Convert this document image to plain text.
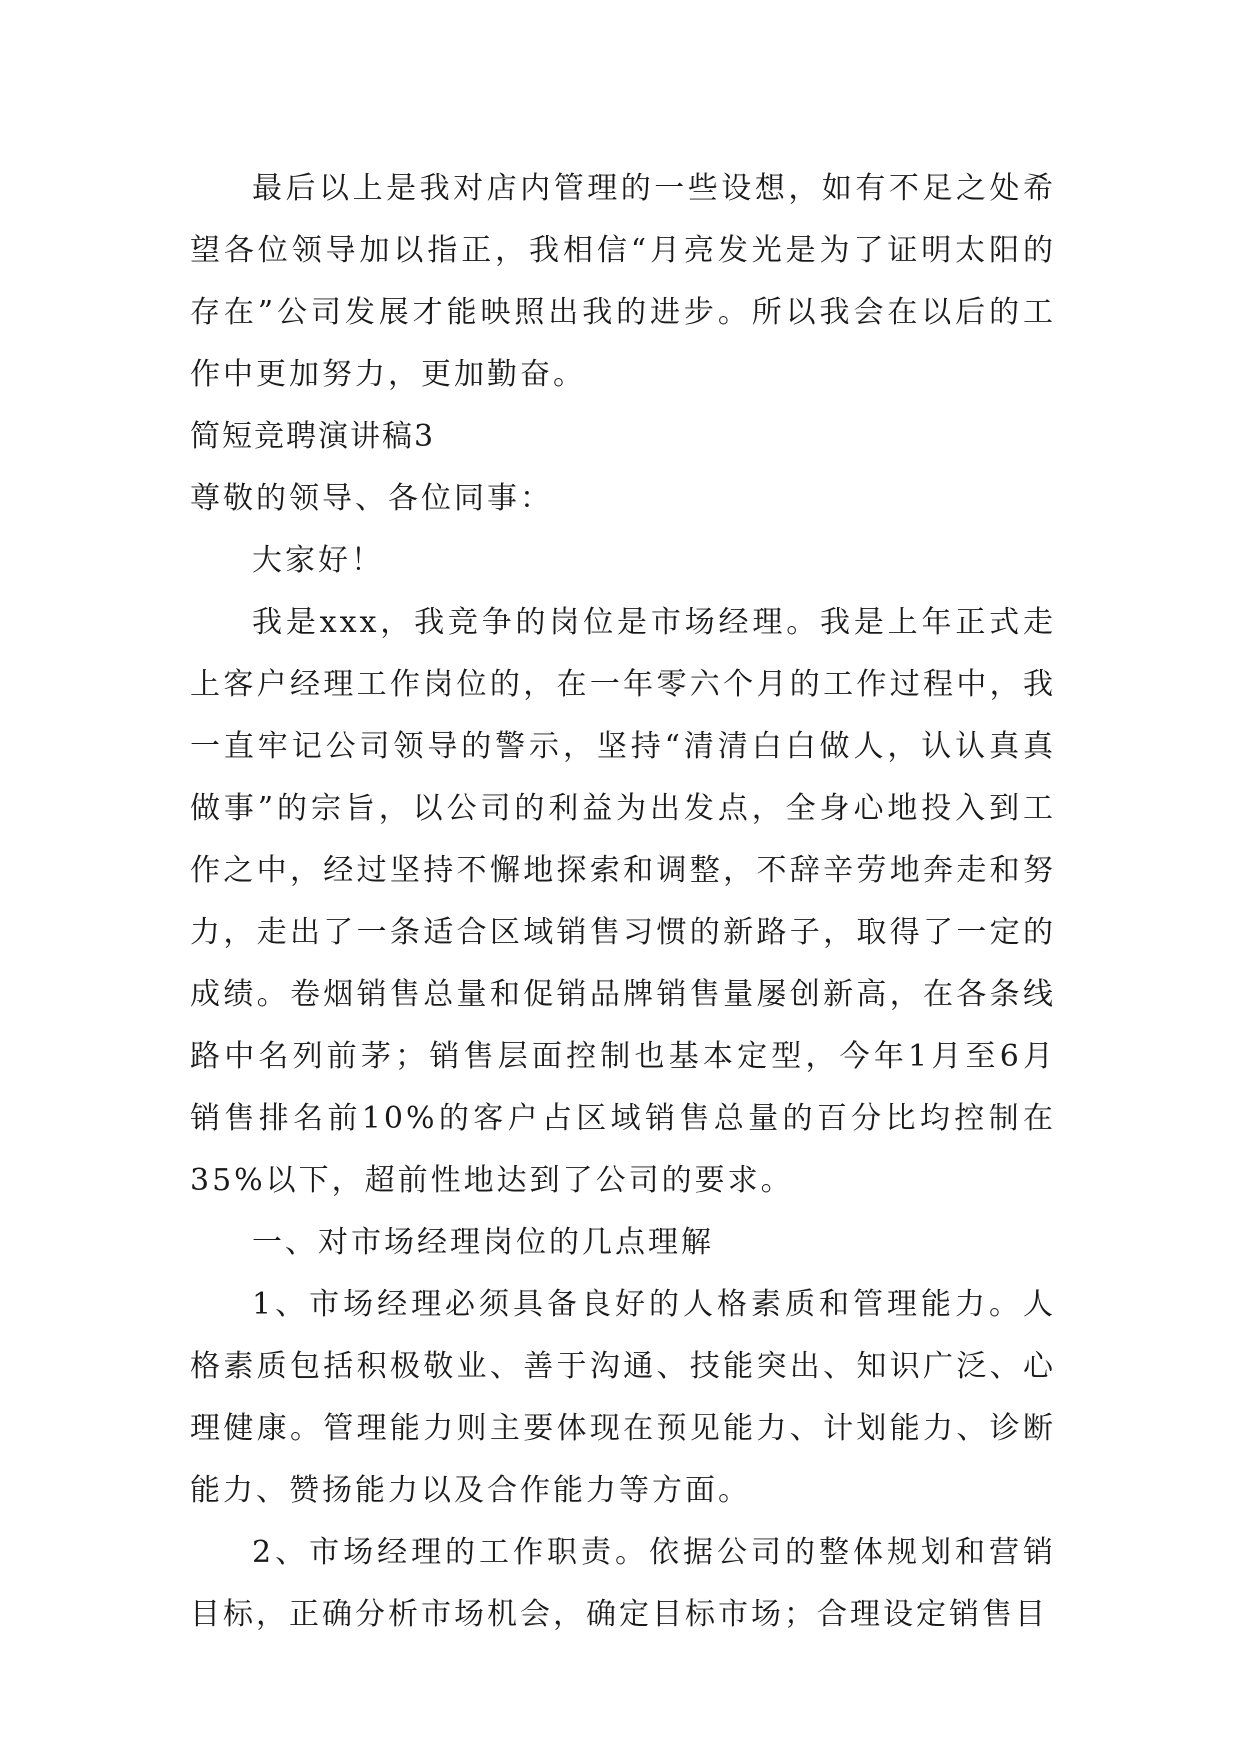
最后以上是我对店内管理的一些设想，如有不足之处希望各位领导加以指正，我相信“月亮发光是为了证明太阳的存在”公司发展才能映照出我的进步。所以我会在以后的工作中更加努力，更加勤奋。

简短竞聘演讲稿3

尊敬的领导、各位同事：

大家好！

我是xxx，我竞争的岗位是市场经理。我是上年正式走上客户经理工作岗位的，在一年零六个月的工作过程中，我一直牢记公司领导的警示，坚持“清清白白做人，认认真真做事”的宗旨，以公司的利益为出发点，全身心地投入到工作之中，经过坚持不懈地探索和调整，不辞辛劳地奔走和努力，走出了一条适合区域销售习惯的新路子，取得了一定的成绩。卷烟销售总量和促销品牌销售量屡创新高，在各条线路中名列前茅；销售层面控制也基本定型，今年1月至6月销售排名前10%的客户占区域销售总量的百分比均控制在35%以下，超前性地达到了公司的要求。

一、对市场经理岗位的几点理解

1、市场经理必须具备良好的人格素质和管理能力。人格素质包括积极敬业、善于沟通、技能突出、知识广泛、心理健康。管理能力则主要体现在预见能力、计划能力、诊断能力、赞扬能力以及合作能力等方面。

2、市场经理的工作职责。依据公司的整体规划和营销目标，正确分析市场机会，确定目标市场；合理设定销售目
